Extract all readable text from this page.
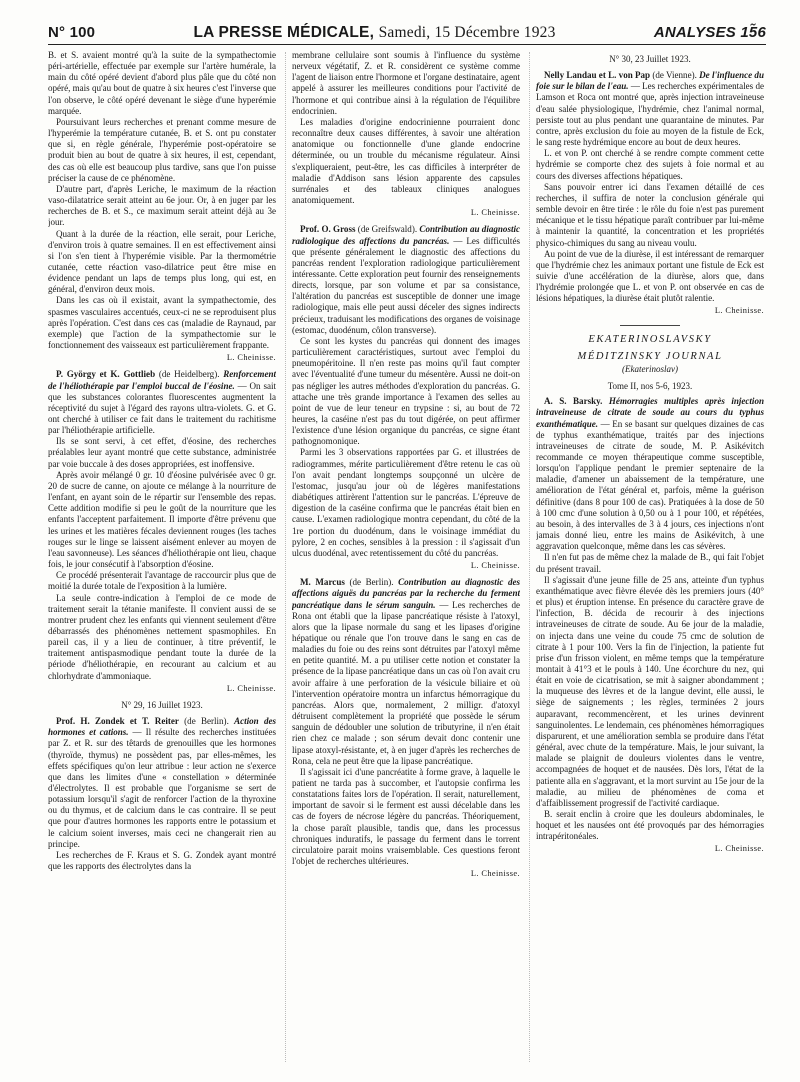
N° 100	LA PRESSE MÉDICALE, Samedi, 15 Décembre 1923	ANALYSES 15̃6

B. et S. avaient montré qu'à la suite de la sympathectomie péri-artérielle, effectuée par exemple sur l'artère humérale, la main du côté opéré devient d'abord plus pâle que du côté non opéré, mais qu'au bout de quatre à six heures c'est l'inverse que l'on observe, le côté opéré devenant le siège d'une hyperémie marquée.

Poursuivant leurs recherches et prenant comme mesure de l'hyperémie la température cutanée, B. et S. ont pu constater que si, en règle générale, l'hyperémie post-opératoire se produit bien au bout de quatre à six heures, il est, cependant, des cas où elle est beaucoup plus tardive, sans que l'on puisse préciser la cause de ce phénomène.

D'autre part, d'après Leriche, le maximum de la réaction vaso-dilatatrice serait atteint au 6e jour. Or, à en juger par les recherches de B. et S., ce maximum serait atteint déjà au 3e jour.

Quant à la durée de la réaction, elle serait, pour Leriche, d'environ trois à quatre semaines. Il en est effectivement ainsi si l'on s'en tient à l'hyperémie visible. Par la thermométrie cutanée, cette réaction vaso-dilatrice peut être mise en évidence pendant un laps de temps plus long, qui est, en général, d'environ deux mois.

Dans les cas où il existait, avant la sympathectomie, des spasmes vasculaires accentués, ceux-ci ne se reproduisent plus après l'opération. C'est dans ces cas (maladie de Raynaud, par exemple) que l'action de la sympathectomie sur le fonctionnement des vaisseaux est particulièrement frappante.

L. Cheinisse.

P. György et K. Gottlieb (de Heidelberg). Renforcement de l'héliothérapie par l'emploi buccal de l'éosine. — On sait que les substances colorantes fluorescentes augmentent la réceptivité du sujet à l'égard des rayons ultra-violets. G. et G. ont cherché à utiliser ce fait dans le traitement du rachitisme par l'héliothérapie artificielle.

Ils se sont servi, à cet effet, d'éosine, des recherches préalables leur ayant montré que cette substance, administrée par voie buccale à des doses appropriées, est inoffensive.

Après avoir mélangé 0 gr. 10 d'éosine pulvérisée avec 0 gr. 20 de sucre de canne, on ajoute ce mélange à la nourriture de l'enfant, en ayant soin de le répartir sur l'ensemble des repas. Cette addition modifie si peu le goût de la nourriture que les enfants l'acceptent parfaitement. Il importe d'être prévenu que les urines et les matières fécales deviennent rouges (les taches rouges sur le linge se laissent aisément enlever au moyen de l'eau savonneuse). Les séances d'héliothérapie ont lieu, chaque fois, le jour consécutif à l'absorption d'éosine.

Ce procédé présenterait l'avantage de raccourcir plus que de moitié la durée totale de l'exposition à la lumière.

La seule contre-indication à l'emploi de ce mode de traitement serait la tétanie manifeste. Il convient aussi de se montrer prudent chez les enfants qui viennent seulement d'être débarrassés des phénomènes nettement spasmophiles. En pareil cas, il y a lieu de continuer, à titre préventif, le traitement antispasmodique pendant toute la durée de la période d'héliothérapie, en recourant au calcium et au chlorhydrate d'ammoniaque.

L. Cheinisse.
N° 29, 16 Juillet 1923.

Prof. H. Zondek et T. Reiter (de Berlin). Action des hormones et cations. — Il résulte des recherches instituées par Z. et R. sur des têtards de grenouilles que les hormones (thyroïde, thymus) ne possèdent pas, par elles-mêmes, les effets spécifiques qu'on leur attribue : leur action ne s'exerce que dans les limites d'une « constellation » déterminée d'électrolytes. Il est probable que l'organisme se sert de potassium lorsqu'il s'agit de renforcer l'action de la thyroxine ou du thymus, et de calcium dans le cas contraire. Il se peut que pour d'autres hormones les rapports entre le potassium et le calcium soient inverses, mais ceci ne changerait rien au principe.

Les recherches de F. Kraus et S. G. Zondek ayant montré que les rapports des électrolytes dans la

membrane cellulaire sont soumis à l'influence du système nerveux végétatif, Z. et R. considèrent ce système comme l'agent de liaison entre l'hormone et l'organe destinataire, agent appelé à assurer les meilleures conditions pour l'activité de l'hormone et qui contribue ainsi à la régulation de l'équilibre endocrinien.

Les maladies d'origine endocrinienne pourraient donc reconnaître deux causes différentes, à savoir une altération anatomique ou fonctionnelle d'une glande endocrine déterminée, ou un trouble du mécanisme régulateur. Ainsi s'expliqueraient, peut-être, les cas difficiles à interpréter de maladie d'Addison sans lésion apparente des capsules surrénales et des tableaux cliniques analogues anatomiquement.

L. Cheinisse.

Prof. O. Gross (de Greifswald). Contribution au diagnostic radiologique des affections du pancréas. — Les difficultés que présente généralement le diagnostic des affections du pancréas rendent l'exploration radiologique particulièrement intéressante. Cette exploration peut fournir des renseignements directs, lorsque, par son volume et par sa consistance, l'altération du pancréas est susceptible de donner une image radiologique, mais elle peut aussi déceler des signes indirects précieux, traduisant les modifications des organes de voisinage (estomac, duodénum, côlon transverse).

Ce sont les kystes du pancréas qui donnent des images particulièrement caractéristiques, surtout avec l'emploi du pneumopéritoine. Il n'en reste pas moins qu'il faut compter avec l'éventualité d'une tumeur du mésentère. Aussi ne doit-on pas négliger les autres méthodes d'exploration du pancréas. G. attache une très grande importance à l'examen des selles au point de vue de leur teneur en trypsine : si, au bout de 72 heures, la caséine n'est pas du tout digérée, on peut affirmer l'existence d'une lésion organique du pancréas, ce signe étant pathognomonique.

Parmi les 3 observations rapportées par G. et illustrées de radiogrammes, mérite particulièrement d'être retenu le cas où l'on avait pendant longtemps soupçonné un ulcère de l'estomac, jusqu'au jour où de légères manifestations diabétiques attirèrent l'attention sur le pancréas. L'épreuve de digestion de la caséine confirma que le pancréas était bien en cause. L'examen radiologique montra cependant, du côté de la 1re portion du duodénum, dans le voisinage immédiat du pylore, 2 en coches, sensibles à la pression : il s'agissait d'un ulcus duodénal, avec retentissement du côté du pancréas.

L. Cheinisse.

M. Marcus (de Berlin). Contribution au diagnostic des affections aiguës du pancréas par la recherche du ferment pancréatique dans le sérum sanguin. — Les recherches de Rona ont établi que la lipase pancréatique résiste à l'atoxyl, alors que la lipase normale du sang et les lipases d'origine hépatique ou rénale que l'on trouve dans le sang en cas de maladies du foie ou des reins sont détruites par l'atoxyl même en petite quantité. M. a pu utiliser cette notion et constater la présence de la lipase pancréatique dans un cas où l'on avait cru avoir affaire à une perforation de la vésicule biliaire et où l'intervention opératoire montra un infarctus hémorragique du pancréas. Alors que, normalement, 2 milligr. d'atoxyl détruisent complètement la propriété que possède le sérum sanguin de dédoubler une solution de tributyrine, il n'en était rien chez ce malade ; son sérum devait donc contenir une lipase atoxyl-résistante, et, à en juger d'après les recherches de Rona, cela ne peut être que la lipase pancréatique.

Il s'agissait ici d'une pancréatite à forme grave, à laquelle le patient ne tarda pas à succomber, et l'autopsie confirma les constatations faites lors de l'opération. Il serait, naturellement, important de savoir si le ferment est aussi décelable dans les cas de foyers de nécrose légère du pancréas. Théoriquement, la chose paraît plausible, tandis que, dans les processus chroniques induratifs, le passage du ferment dans le torrent circulatoire parait moins vraisemblable. Ces questions feront l'objet de recherches ultérieures.

L. Cheinisse.
N° 30, 23 Juillet 1923.

Nelly Landau et L. von Pap (de Vienne). De l'influence du foie sur le bilan de l'eau. — Les recherches expérimentales de Lamson et Roca ont montré que, après injection intraveineuse d'eau salée physiologique, l'hydrémie, chez l'animal normal, persiste tout au plus pendant une quarantaine de minutes. Par contre, après exclusion du foie au moyen de la fistule de Eck, le sang reste hydrémique encore au bout de deux heures.

L. et von P. ont cherché à se rendre compte comment cette hydrémie se comporte chez des sujets à foie normal et au cours des diverses affections hépatiques.

Sans pouvoir entrer ici dans l'examen détaillé de ces recherches, il suffira de noter la conclusion générale qui semble devoir en être tirée : le rôle du foie n'est pas purement mécanique et le tissu hépatique paraît contribuer par lui-même à maintenir la quantité, la concentration et les propriétés physico-chimiques du sang au niveau voulu.

Au point de vue de la diurèse, il est intéressant de remarquer que l'hydrémie chez les animaux portant une fistule de Eck est suivie d'une accélération de la diurèse, alors que, dans l'hydrémie prolongée que L. et von P. ont observée en cas de lésions hépatiques, la diurèse était plutôt ralentie.

L. Cheinisse.
EKATERINOSLAVSKY
MÉDITZINSKY JOURNAL
(Ekaterinoslav)
Tome II, nos 5-6, 1923.

A. S. Barsky. Hémorragies multiples après injection intraveineuse de citrate de soude au cours du typhus exanthématique. — En se basant sur quelques dizaines de cas de typhus exanthématique, traités par des injections intraveineuses de citrate de soude, M. P. Asikévitch recommande ce moyen thérapeutique comme susceptible, lorsqu'on l'applique pendant le premier septenaire de la maladie, d'amener un abaissement de la température, une amélioration de l'état général et, parfois, même la guérison définitive (dans 8 pour 100 de cas). Pratiquées à la dose de 50 à 100 cmc d'une solution à 0,50 ou à 1 pour 100, et répétées, au besoin, à des intervalles de 3 à 4 jours, ces injections n'ont jamais donné lieu, entre les mains de Asikévitch, à une aggravation quelconque, même dans les cas sévères.

Il n'en fut pas de même chez la malade de B., qui fait l'objet du présent travail.

Il s'agissait d'une jeune fille de 25 ans, atteinte d'un typhus exanthématique avec fièvre élevée dès les premiers jours (40° et plus) et éruption intense. En présence du caractère grave de l'infection, B. décida de recourir à des injections intraveineuses de citrate de soude. Au 6e jour de la maladie, on injecta dans une veine du coude 75 cmc de solution de citrate à 1 pour 100. Vers la fin de l'injection, la patiente fut prise d'un frisson violent, en même temps que la température montait à 41°3 et le pouls à 140. Une écorchure du nez, qui était en voie de cicatrisation, se mit à saigner abondamment ; la muqueuse des lèvres et de la langue devint, elle aussi, le siège de saignements ; les règles, terminées 2 jours auparavant, recommencèrent, et les urines devinrent sanguinolentes. Le lendemain, ces phénomènes hémorragiques disparurent, et une amélioration sembla se produire dans l'état général, avec chute de la température. Mais, le jour suivant, la malade se plaignit de douleurs violentes dans le ventre, accompagnées de hoquet et de nausées. Dès lors, l'état de la patiente alla en s'aggravant, et la mort survint au 15e jour de la maladie, au milieu de phénomènes de coma et d'affaiblissement progressif de l'activité cardiaque.

B. serait enclin à croire que les douleurs abdominales, le hoquet et les nausées ont été provoqués par des hémorragies intrapéritonéales.

L. Cheinisse.
